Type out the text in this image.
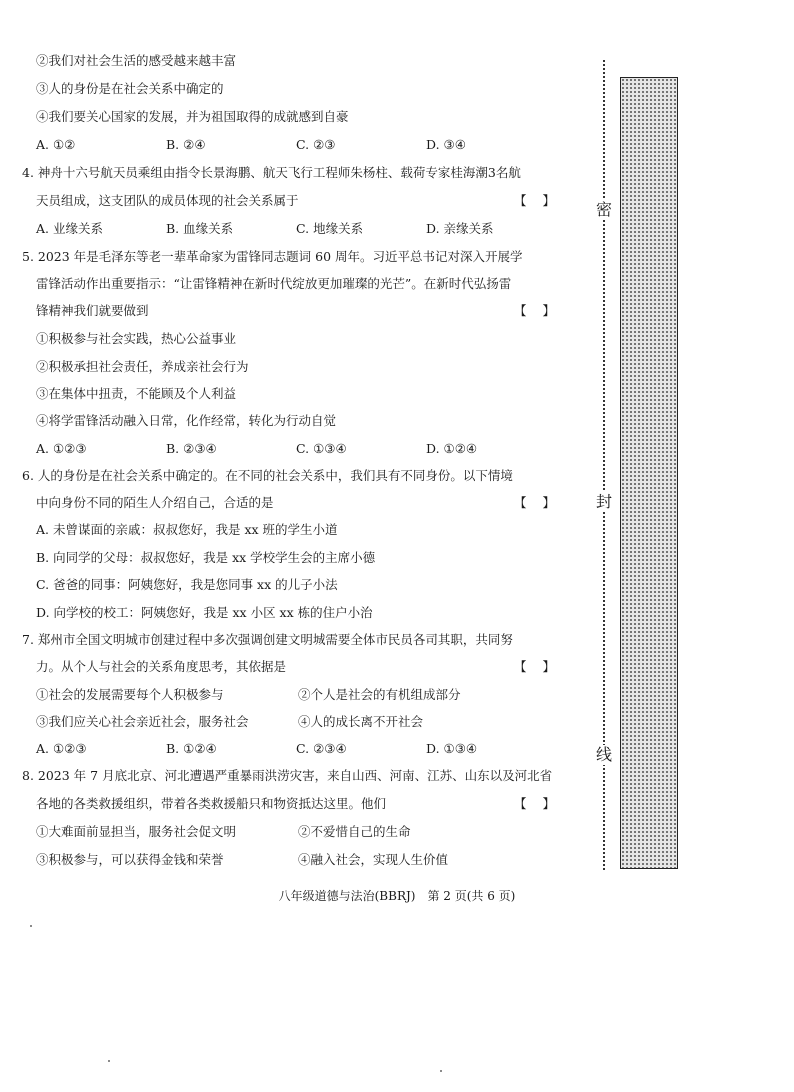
②我们对社会生活的感受越来越丰富
③人的身份是在社会关系中确定的
④我们要关心国家的发展，并为祖国取得的成就感到自豪
A. ①②	B. ②④	C. ②③	D. ③④
4. 神舟十六号航天员乘组由指令长景海鹏、航天飞行工程师朱杨柱、载荷专家桂海潮3名航
天员组成，这支团队的成员体现的社会关系属于	【 】
A. 业缘关系	B. 血缘关系	C. 地缘关系	D. 亲缘关系
5. 2023 年是毛泽东等老一辈革命家为雷锋同志题词 60 周年。习近平总书记对深入开展学
雷锋活动作出重要指示：“让雷锋精神在新时代绽放更加璀璨的光芒”。在新时代弘扬雷
锋精神我们就要做到	【 】
①积极参与社会实践，热心公益事业
②积极承担社会责任，养成亲社会行为
③在集体中扭责，不能顾及个人利益
④将学雷锋活动融入日常，化作经常，转化为行动自觉
A. ①②③	B. ②③④	C. ①③④	D. ①②④
6. 人的身份是在社会关系中确定的。在不同的社会关系中，我们具有不同身份。以下情境
中向身份不同的陌生人介绍自己，合适的是	【 】
A. 未曾谋面的亲戚：叔叔您好，我是 xx 班的学生小道
B. 向同学的父母：叔叔您好，我是 xx 学校学生会的主席小德
C. 爸爸的同事：阿姨您好，我是您同事 xx 的儿子小法
D. 向学校的校工：阿姨您好，我是 xx 小区 xx 栋的住户小治
7. 郑州市全国文明城市创建过程中多次强调创建文明城需要全体市民员各司其职，共同努
力。从个人与社会的关系角度思考，其依据是	【 】
①社会的发展需要每个人积极参与	②个人是社会的有机组成部分
③我们应关心社会亲近社会，服务社会	④人的成长离不开社会
A. ①②③	B. ①②④	C. ②③④	D. ①③④
8. 2023 年 7 月底北京、河北遭遇严重暴雨洪涝灾害，来自山西、河南、江苏、山东以及河北省
各地的各类救援组织，带着各类救援船只和物资抵达这里。他们	【 】
①大难面前显担当，服务社会促文明	②不爱惜自己的生命
③积极参与，可以获得金钱和荣誉	④融入社会，实现人生价值
密
封
线
八年级道德与法治(BBRJ)　第 2 页(共 6 页)
